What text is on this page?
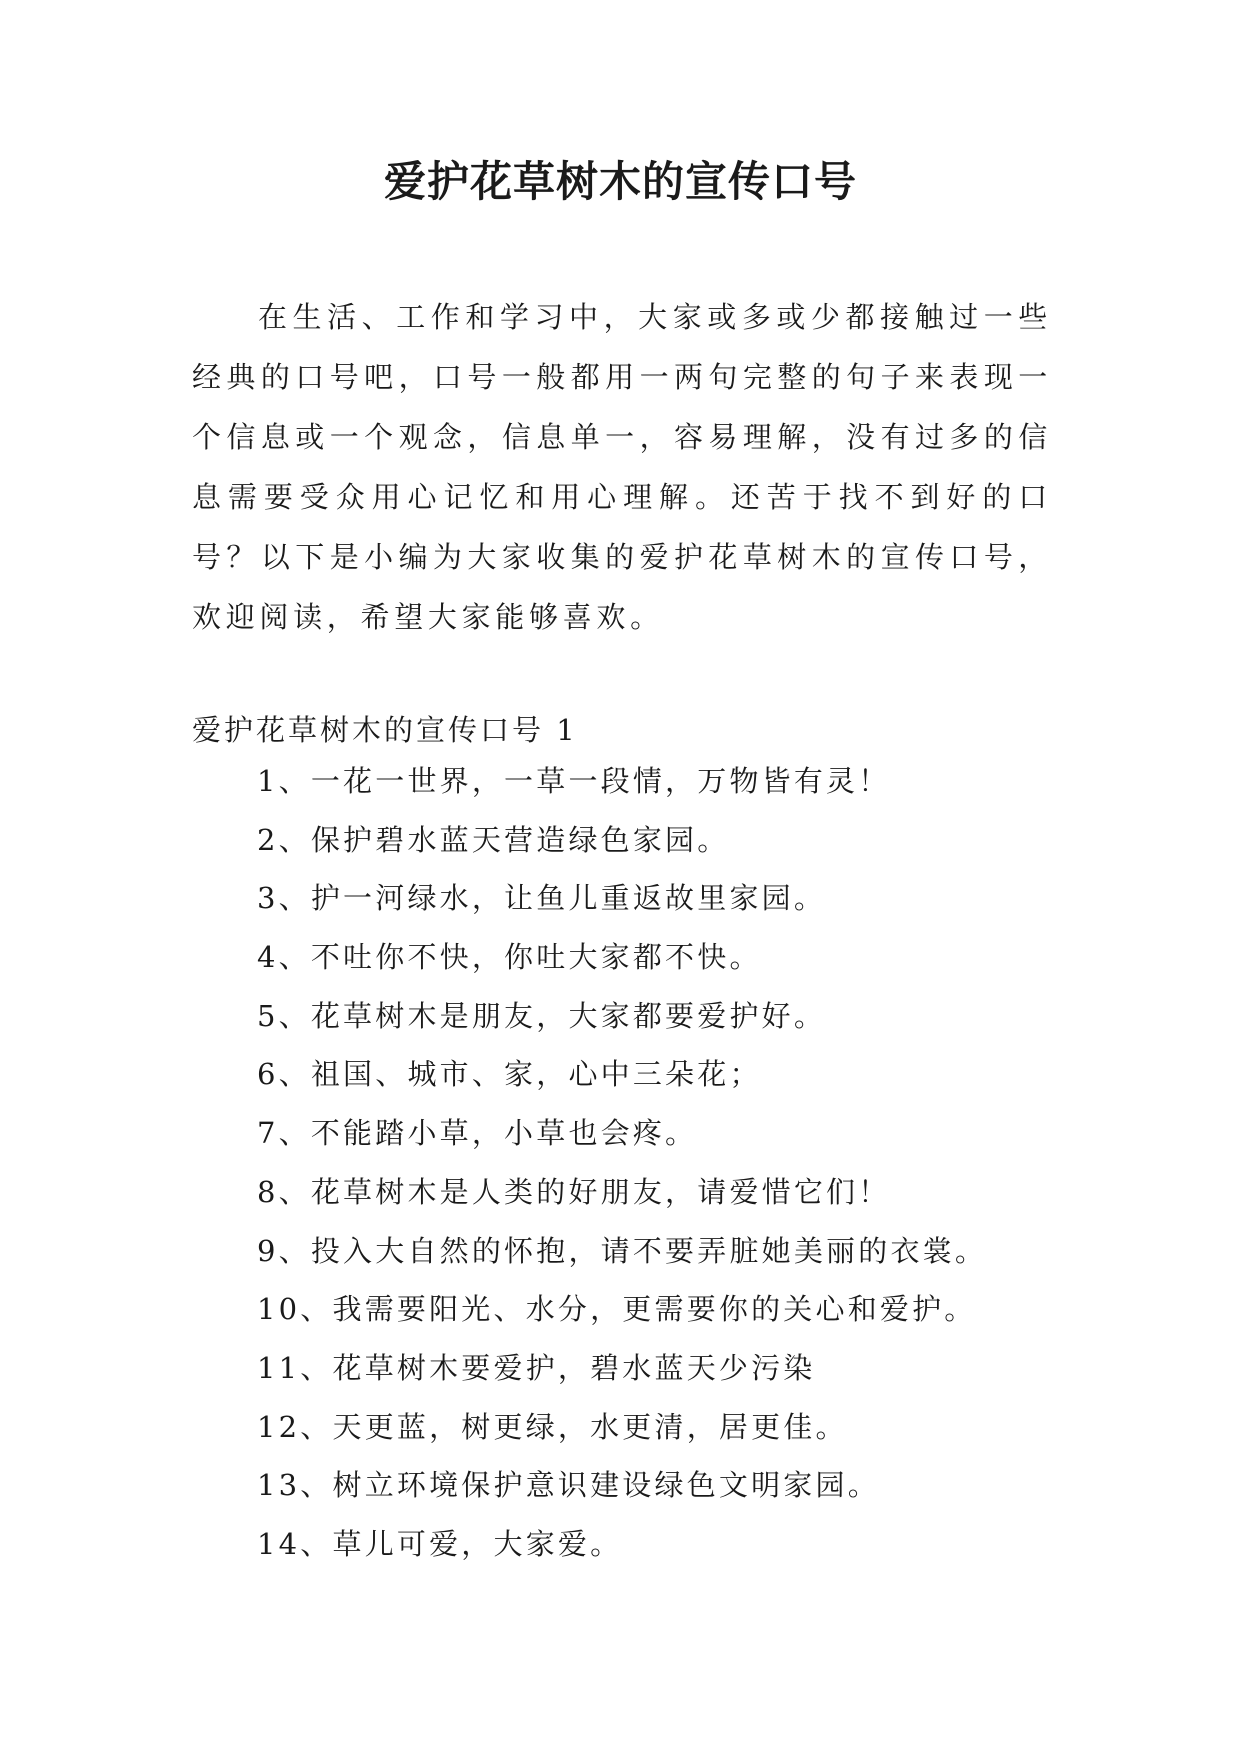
爱护花草树木的宣传口号

在生活、工作和学习中，大家或多或少都接触过一些经典的口号吧，口号一般都用一两句完整的句子来表现一个信息或一个观念，信息单一，容易理解，没有过多的信息需要受众用心记忆和用心理解。还苦于找不到好的口号？以下是小编为大家收集的爱护花草树木的宣传口号，欢迎阅读，希望大家能够喜欢。

爱护花草树木的宣传口号 1
1、一花一世界，一草一段情，万物皆有灵！
2、保护碧水蓝天营造绿色家园。
3、护一河绿水，让鱼儿重返故里家园。
4、不吐你不快，你吐大家都不快。
5、花草树木是朋友，大家都要爱护好。
6、祖国、城市、家，心中三朵花；
7、不能踏小草，小草也会疼。
8、花草树木是人类的好朋友，请爱惜它们！
9、投入大自然的怀抱，请不要弄脏她美丽的衣裳。
10、我需要阳光、水分，更需要你的关心和爱护。
11、花草树木要爱护，碧水蓝天少污染
12、天更蓝，树更绿，水更清，居更佳。
13、树立环境保护意识建设绿色文明家园。
14、草儿可爱，大家爱。
